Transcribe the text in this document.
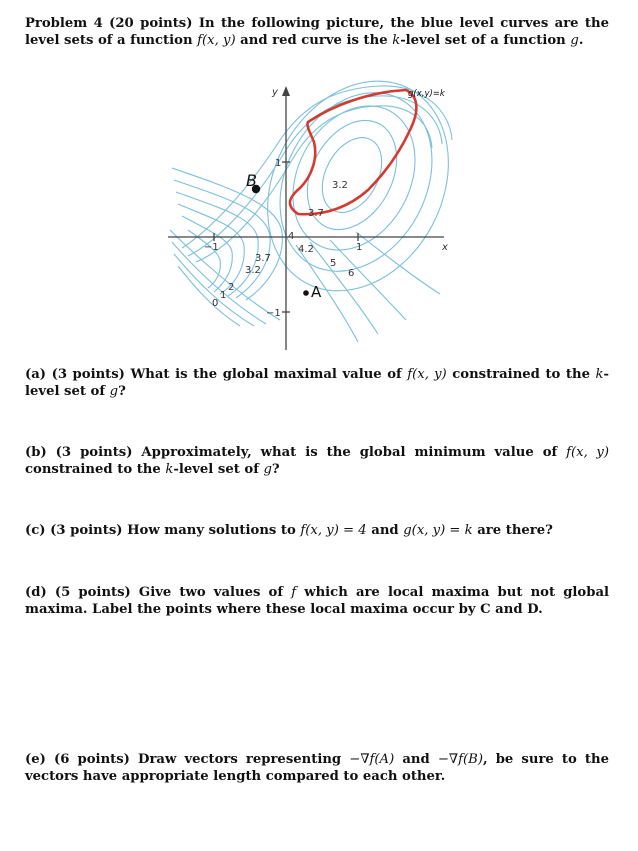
Problem 4 (20 points) In the following picture, the blue level curves are the level sets of a function f(x, y) and red curve is the k-level set of a function g.
x
y
−1	1
1
−1
0
1
2
3.2
3.7
4
4.2
5
6
3.2
3.7
g(x,y)=k
B
A
(a) (3 points) What is the global maximal value of f(x, y) constrained to the k-level set of g?
(b) (3 points) Approximately, what is the global minimum value of f(x, y) constrained to the k-level set of g?
(c) (3 points) How many solutions to f(x, y) = 4 and g(x, y) = k are there?
(d) (5 points) Give two values of f which are local maxima but not global maxima. Label the points where these local maxima occur by C and D.
(e) (6 points) Draw vectors representing −∇f(A) and −∇f(B), be sure to the vectors have appropriate length compared to each other.
